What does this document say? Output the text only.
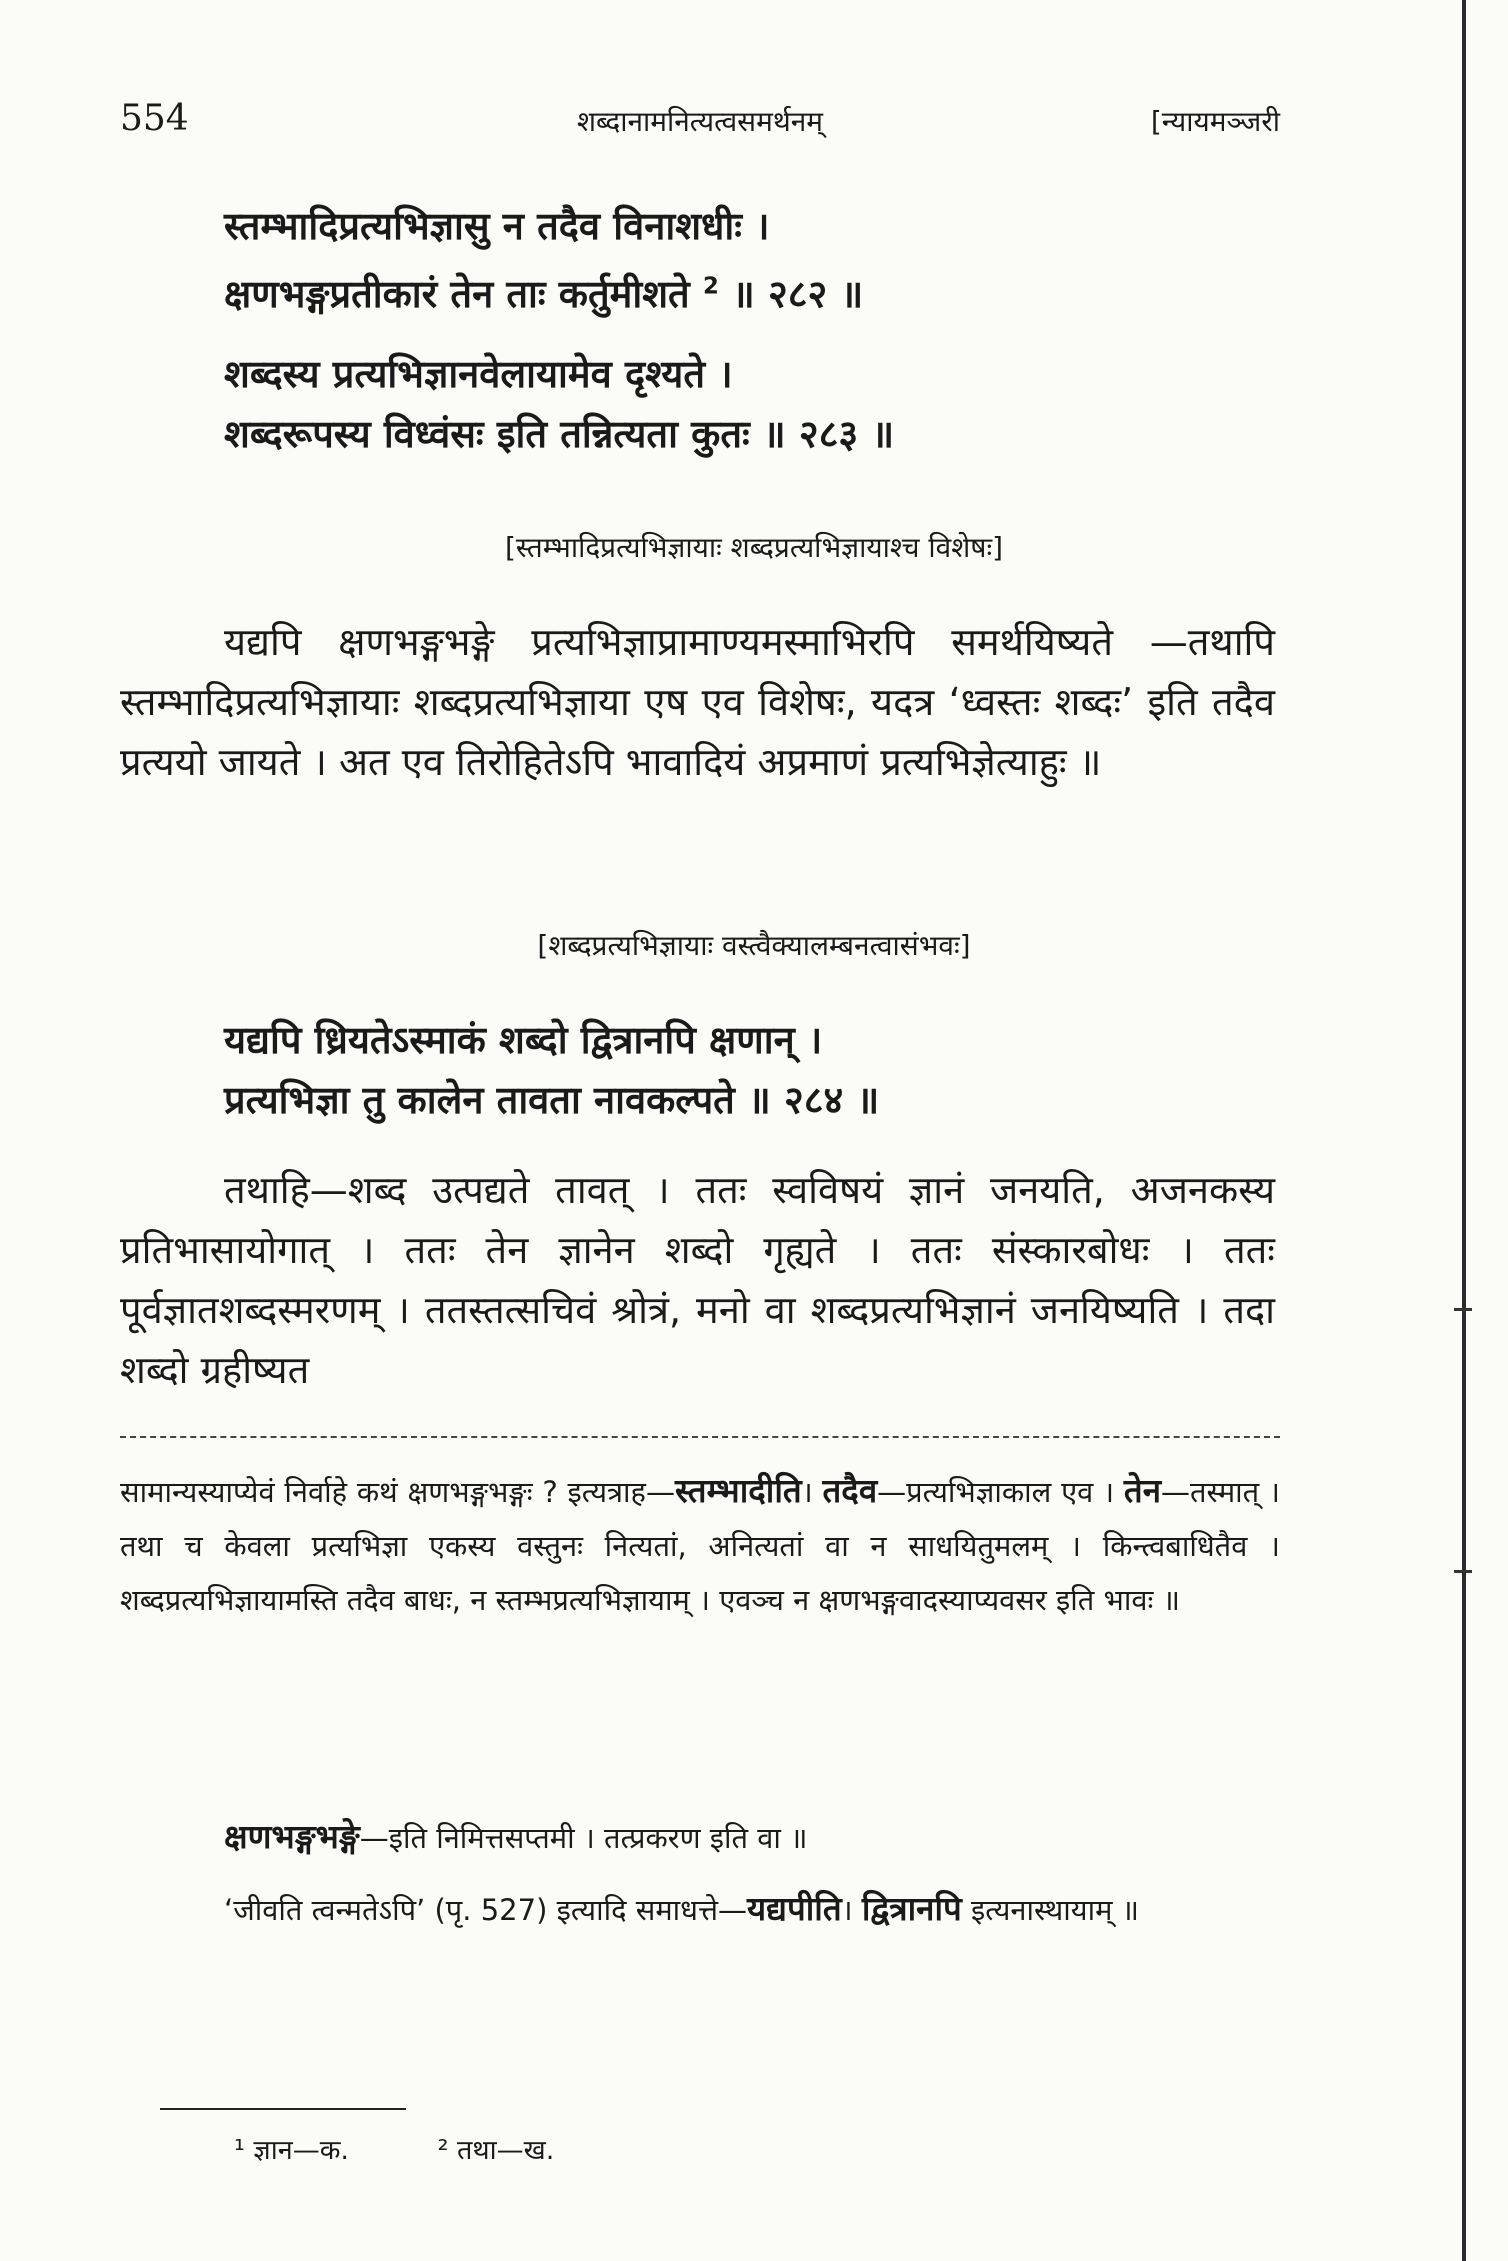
554	शब्दानामनित्यत्वसमर्थनम्	[न्यायमञ्जरी
स्तम्भादिप्रत्यभिज्ञासु न तदैव विनाशधीः ।
क्षणभङ्गप्रतीकारं तेन ताः कर्तुमीशते $^2$ ॥ २८२ ॥
शब्दस्य प्रत्यभिज्ञानवेलायामेव दृश्यते ।
शब्दरूपस्य विध्वंसः इति तन्नित्यता कुतः ॥ २८३ ॥
[स्तम्भादिप्रत्यभिज्ञायाः शब्दप्रत्यभिज्ञायाश्च विशेषः]
यद्यपि क्षणभङ्गभङ्गे प्रत्यभिज्ञाप्रामाण्यमस्माभिरपि समर्थयिष्यते —तथापि स्तम्भादिप्रत्यभिज्ञायाः शब्दप्रत्यभिज्ञाया एष एव विशेषः, यदत्र ‘ध्वस्तः शब्दः’ इति तदैव प्रत्ययो जायते । अत एव तिरोहितेऽपि भावादियं अप्रमाणं प्रत्यभिज्ञेत्याहुः ॥
[शब्दप्रत्यभिज्ञायाः वस्त्वैक्यालम्बनत्वासंभवः]
यद्यपि ध्रियतेऽस्माकं शब्दो द्वित्रानपि क्षणान् ।
प्रत्यभिज्ञा तु कालेन तावता नावकल्पते ॥ २८४ ॥
तथाहि—शब्द उत्पद्यते तावत् । ततः स्वविषयं ज्ञानं जनयति, अजनकस्य प्रतिभासायोगात् । ततः तेन ज्ञानेन शब्दो गृह्यते । ततः संस्कारबोधः । ततः पूर्वज्ञातशब्दस्मरणम् । ततस्तत्सचिवं श्रोत्रं, मनो वा शब्दप्रत्यभिज्ञानं जनयिष्यति । तदा शब्दो ग्रहीष्यत
सामान्यस्याप्येवं निर्वाहे कथं क्षणभङ्गभङ्गः ? इत्यत्राह—स्तम्भादीति। तदैव—प्रत्यभिज्ञाकाल एव । तेन—तस्मात् । तथा च केवला प्रत्यभिज्ञा एकस्य वस्तुनः नित्यतां, अनित्यतां वा न साधयितुमलम् । किन्त्वबाधितैव । शब्दप्रत्यभिज्ञायामस्ति तदैव बाधः, न स्तम्भप्रत्यभिज्ञायाम् । एवञ्च न क्षणभङ्गवादस्याप्यवसर इति भावः ॥
क्षणभङ्गभङ्गे—इति निमित्तसप्तमी । तत्प्रकरण इति वा ॥
‘जीवति त्वन्मतेऽपि’ (पृ. 527) इत्यादि समाधत्ते—यद्यपीति। द्वित्रानपि इत्यनास्थायाम् ॥
¹ ज्ञान—क.	² तथा—ख.
